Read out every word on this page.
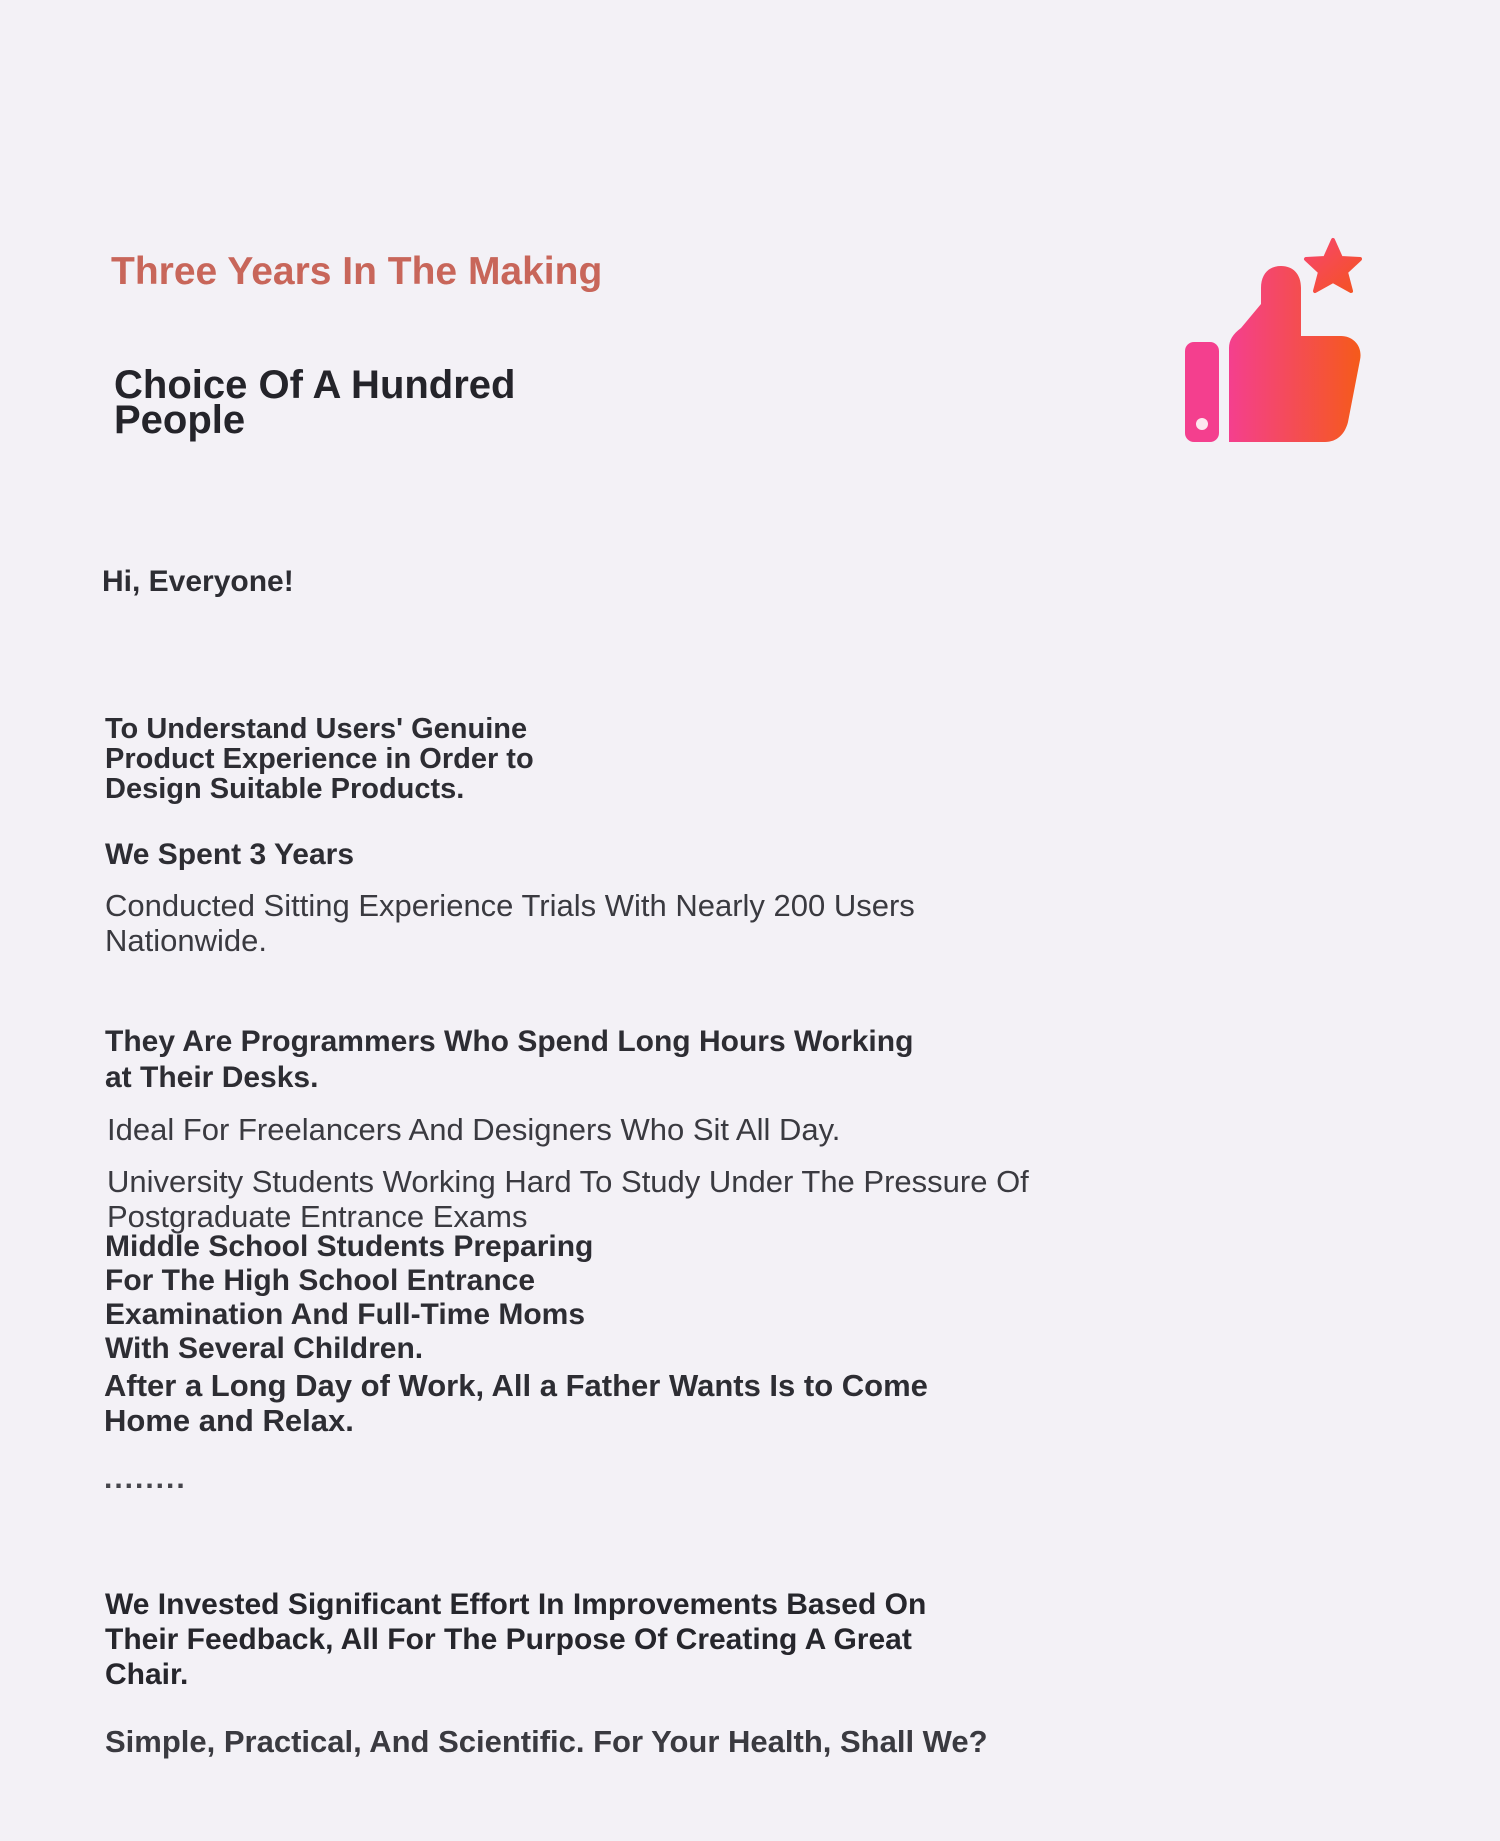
Three Years In The Making
Choice Of A Hundred People
Hi, Everyone!
To Understand Users' Genuine Product Experience in Order to Design Suitable Products.
We Spent 3 Years
Conducted Sitting Experience Trials With Nearly 200 Users Nationwide.
They Are Programmers Who Spend Long Hours Working at Their Desks.
Ideal For Freelancers And Designers Who Sit All Day.
University Students Working Hard To Study Under The Pressure Of Postgraduate Entrance Exams
Middle School Students Preparing For The High School Entrance Examination And Full-Time Moms With Several Children.
After a Long Day of Work, All a Father Wants Is to Come Home and Relax.
........
We Invested Significant Effort In Improvements Based On Their Feedback, All For The Purpose Of Creating A Great Chair.
Simple, Practical, And Scientific. For Your Health, Shall We?
